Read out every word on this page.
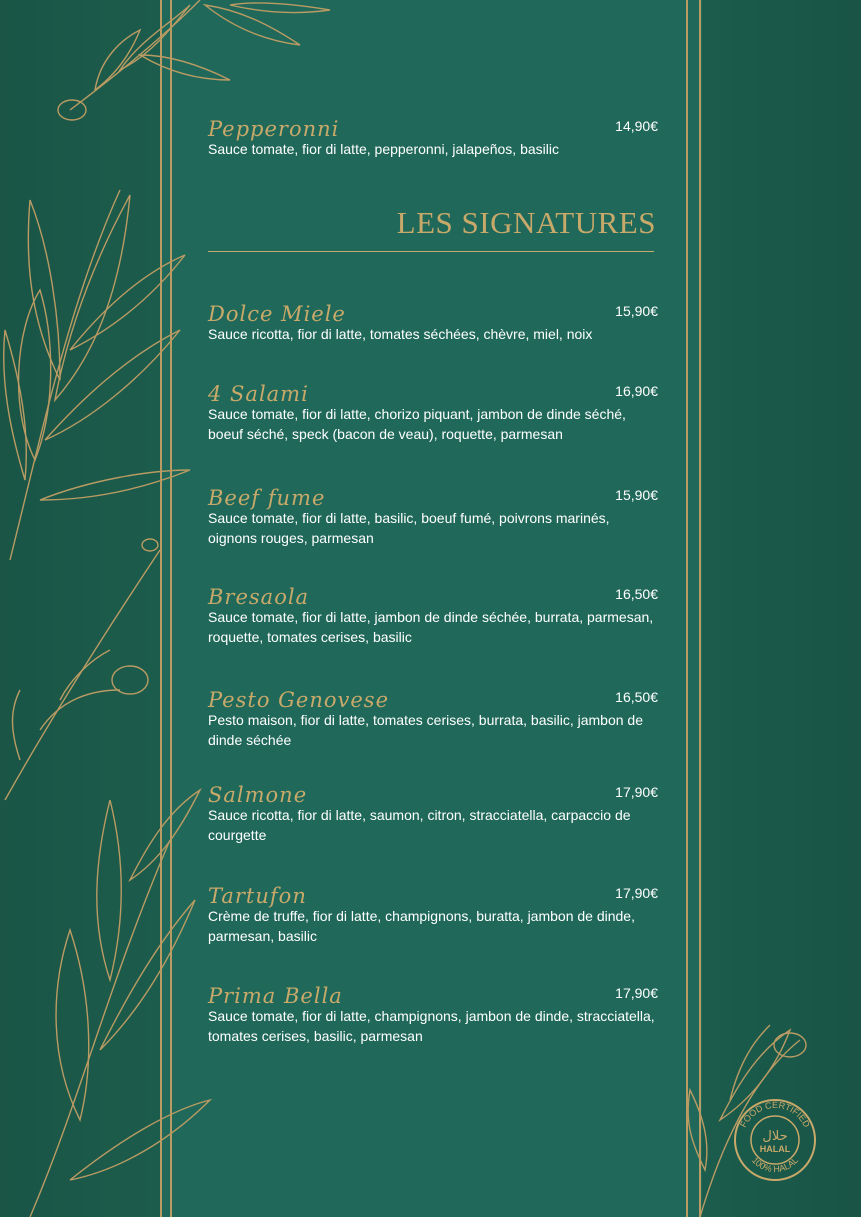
LES SIGNATURES
Pepperonni	14,90€
Sauce tomate, fior di latte, pepperonni, jalapeños, basilic
Dolce Miele	15,90€
Sauce ricotta, fior di latte, tomates séchées, chèvre, miel, noix
4 Salami	16,90€
Sauce tomate, fior di latte, chorizo piquant, jambon de dinde séché, boeuf séché, speck (bacon de veau), roquette, parmesan
Beef fume	15,90€
Sauce tomate, fior di latte, basilic, boeuf fumé, poivrons marinés, oignons rouges, parmesan
Bresaola	16,50€
Sauce tomate, fior di latte, jambon de dinde séchée, burrata, parmesan, roquette, tomates cerises, basilic
Pesto Genovese	16,50€
Pesto maison, fior di latte, tomates cerises, burrata, basilic, jambon de dinde séchée
Salmone	17,90€
Sauce ricotta, fior di latte, saumon, citron, stracciatella, carpaccio de courgette
Tartufon	17,90€
Crème de truffe, fior di latte, champignons, buratta, jambon de dinde, parmesan, basilic
Prima Bella	17,90€
Sauce tomate, fior di latte, champignons, jambon de dinde, stracciatella, tomates cerises, basilic, parmesan
FOOD CERTIFIED
حلال
HALAL
100% HALAL
